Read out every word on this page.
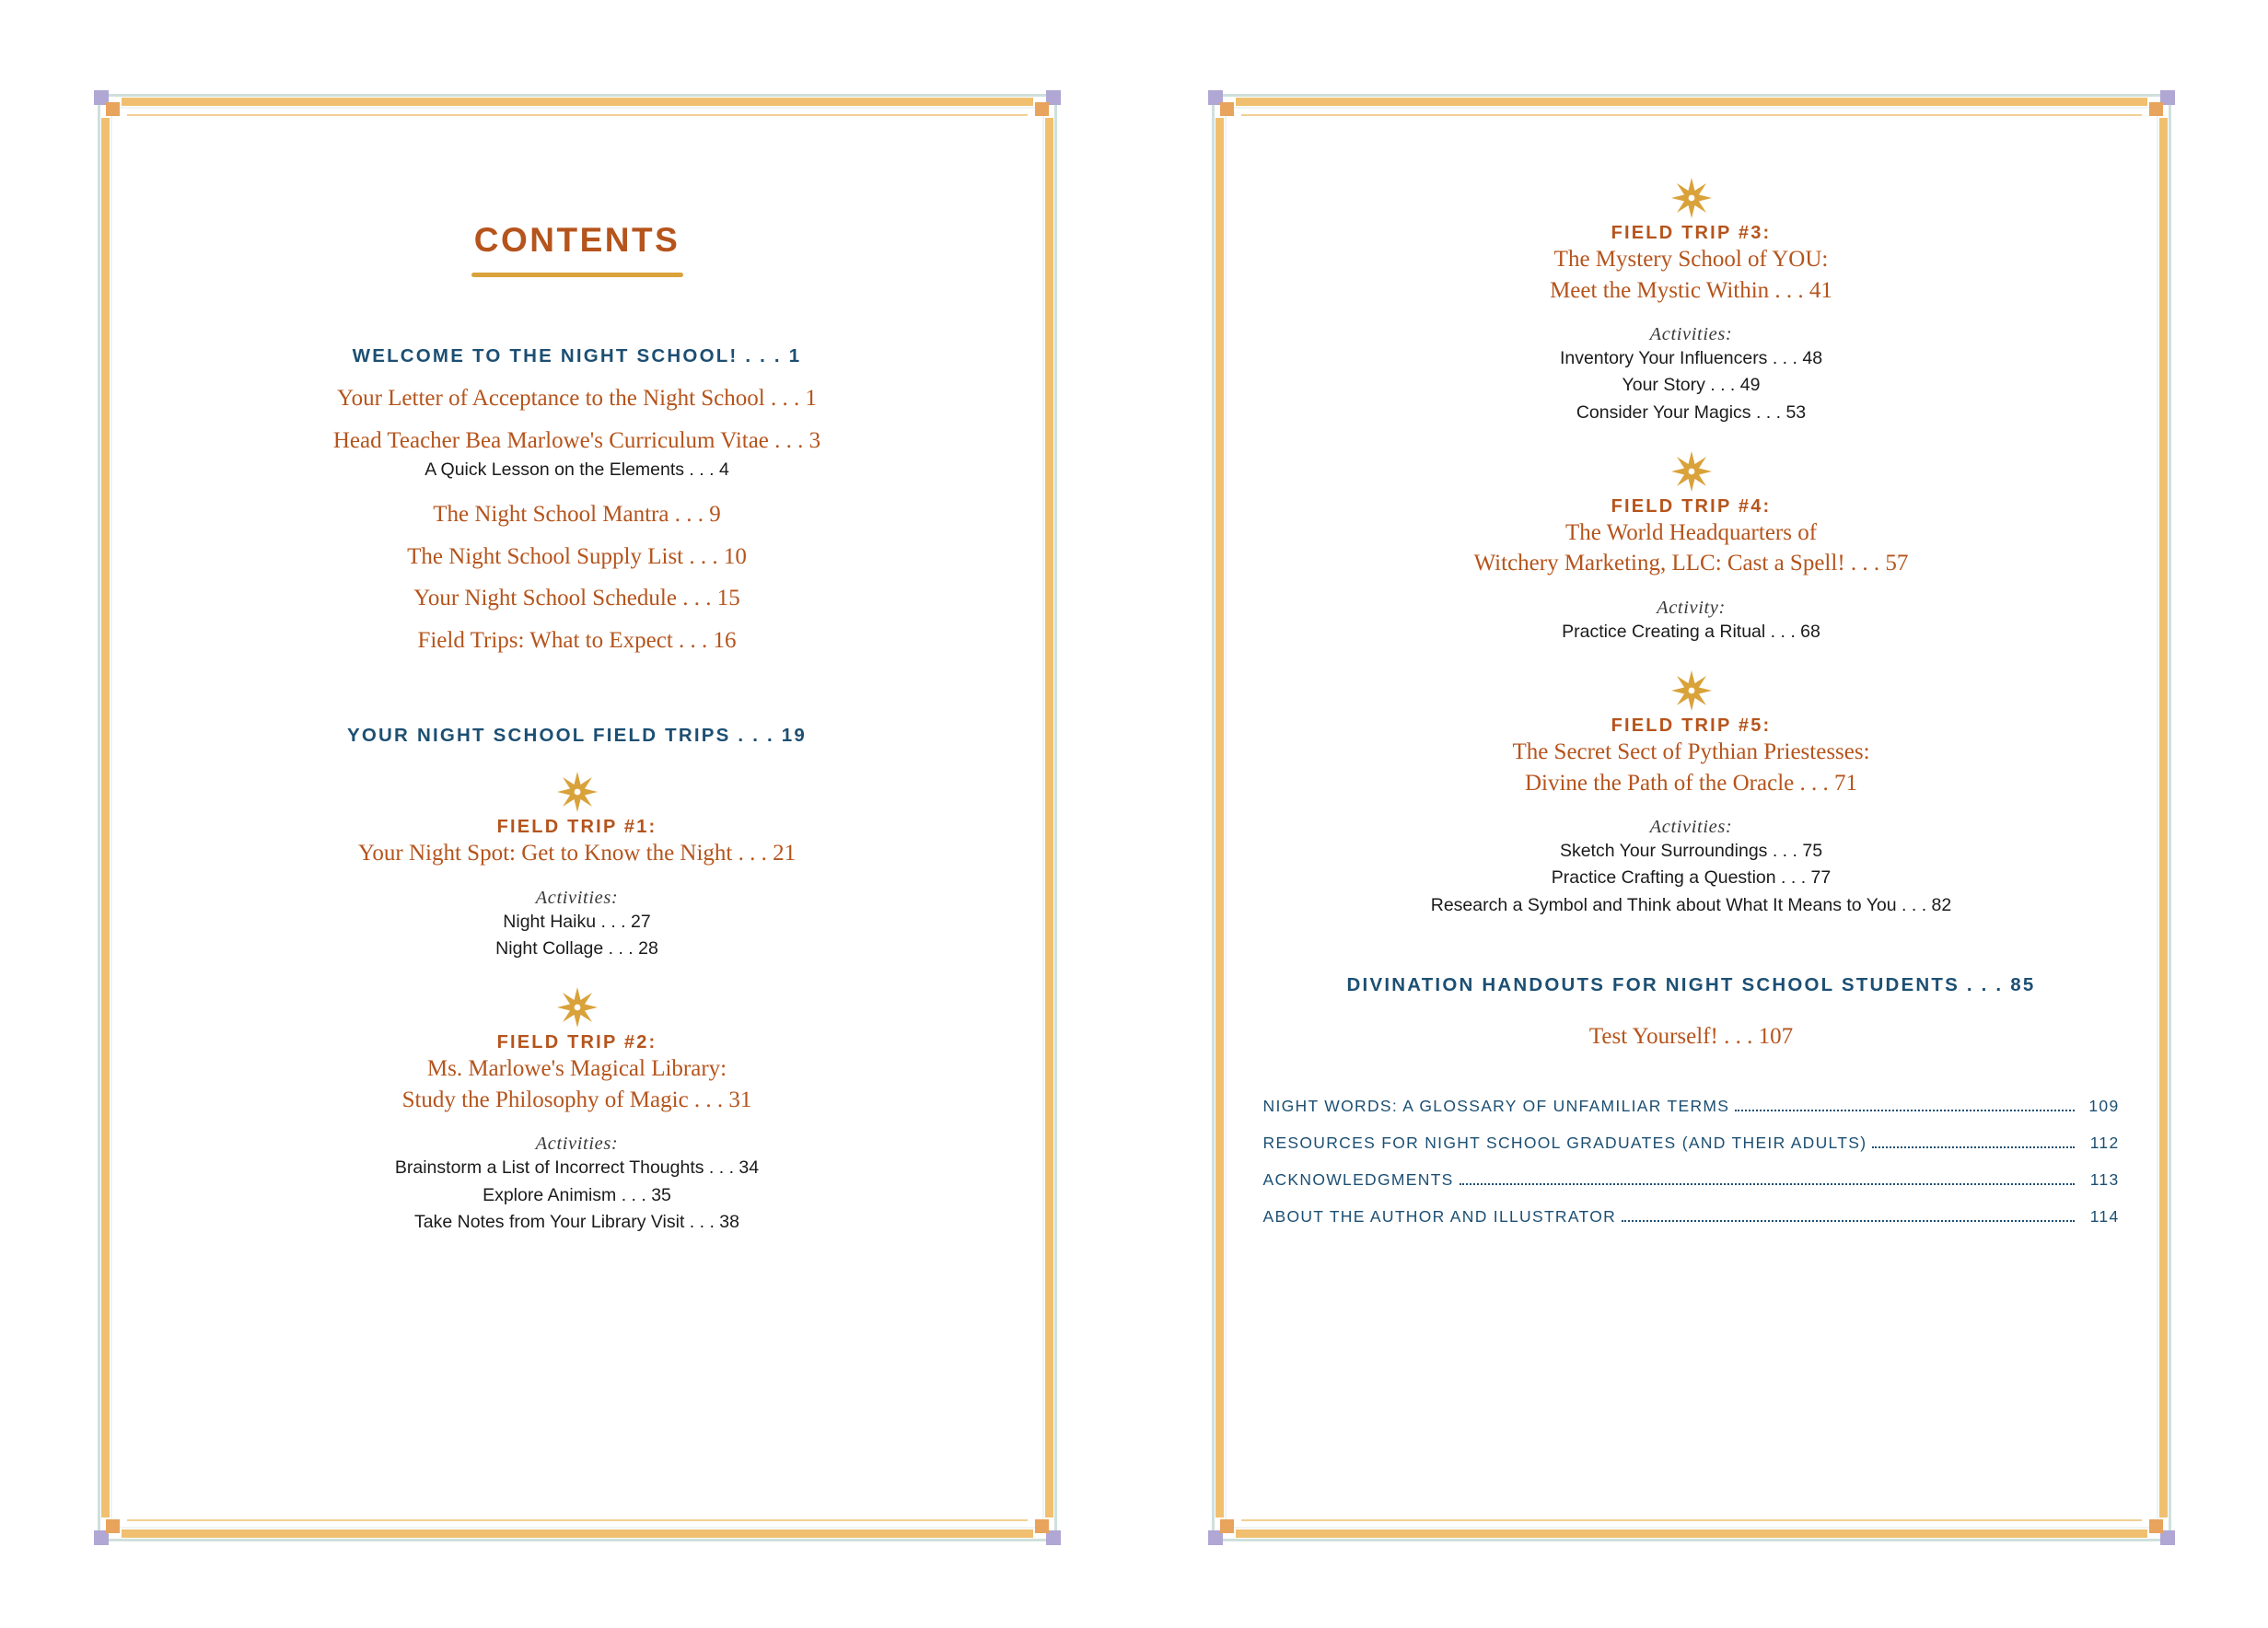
CONTENTS
WELCOME TO THE NIGHT SCHOOL! . . . 1
Your Letter of Acceptance to the Night School . . . 1
Head Teacher Bea Marlowe's Curriculum Vitae . . . 3
A Quick Lesson on the Elements . . . 4
The Night School Mantra . . . 9
The Night School Supply List . . . 10
Your Night School Schedule . . . 15
Field Trips: What to Expect . . . 16
YOUR NIGHT SCHOOL FIELD TRIPS . . . 19
FIELD TRIP #1:
Your Night Spot: Get to Know the Night . . . 21
Activities:
Night Haiku . . . 27
Night Collage . . . 28
FIELD TRIP #2:
Ms. Marlowe's Magical Library:
Study the Philosophy of Magic . . . 31
Activities:
Brainstorm a List of Incorrect Thoughts . . . 34
Explore Animism . . . 35
Take Notes from Your Library Visit . . . 38
FIELD TRIP #3:
The Mystery School of YOU:
Meet the Mystic Within . . . 41
Activities:
Inventory Your Influencers . . . 48
Your Story . . . 49
Consider Your Magics . . . 53
FIELD TRIP #4:
The World Headquarters of
Witchery Marketing, LLC: Cast a Spell! . . . 57
Activity:
Practice Creating a Ritual . . . 68
FIELD TRIP #5:
The Secret Sect of Pythian Priestesses:
Divine the Path of the Oracle . . . 71
Activities:
Sketch Your Surroundings . . . 75
Practice Crafting a Question . . . 77
Research a Symbol and Think about What It Means to You . . . 82
DIVINATION HANDOUTS FOR NIGHT SCHOOL STUDENTS . . . 85
Test Yourself! . . . 107
NIGHT WORDS: A GLOSSARY OF UNFAMILIAR TERMS	109
RESOURCES FOR NIGHT SCHOOL GRADUATES (AND THEIR ADULTS)	112
ACKNOWLEDGMENTS	113
ABOUT THE AUTHOR AND ILLUSTRATOR	114
